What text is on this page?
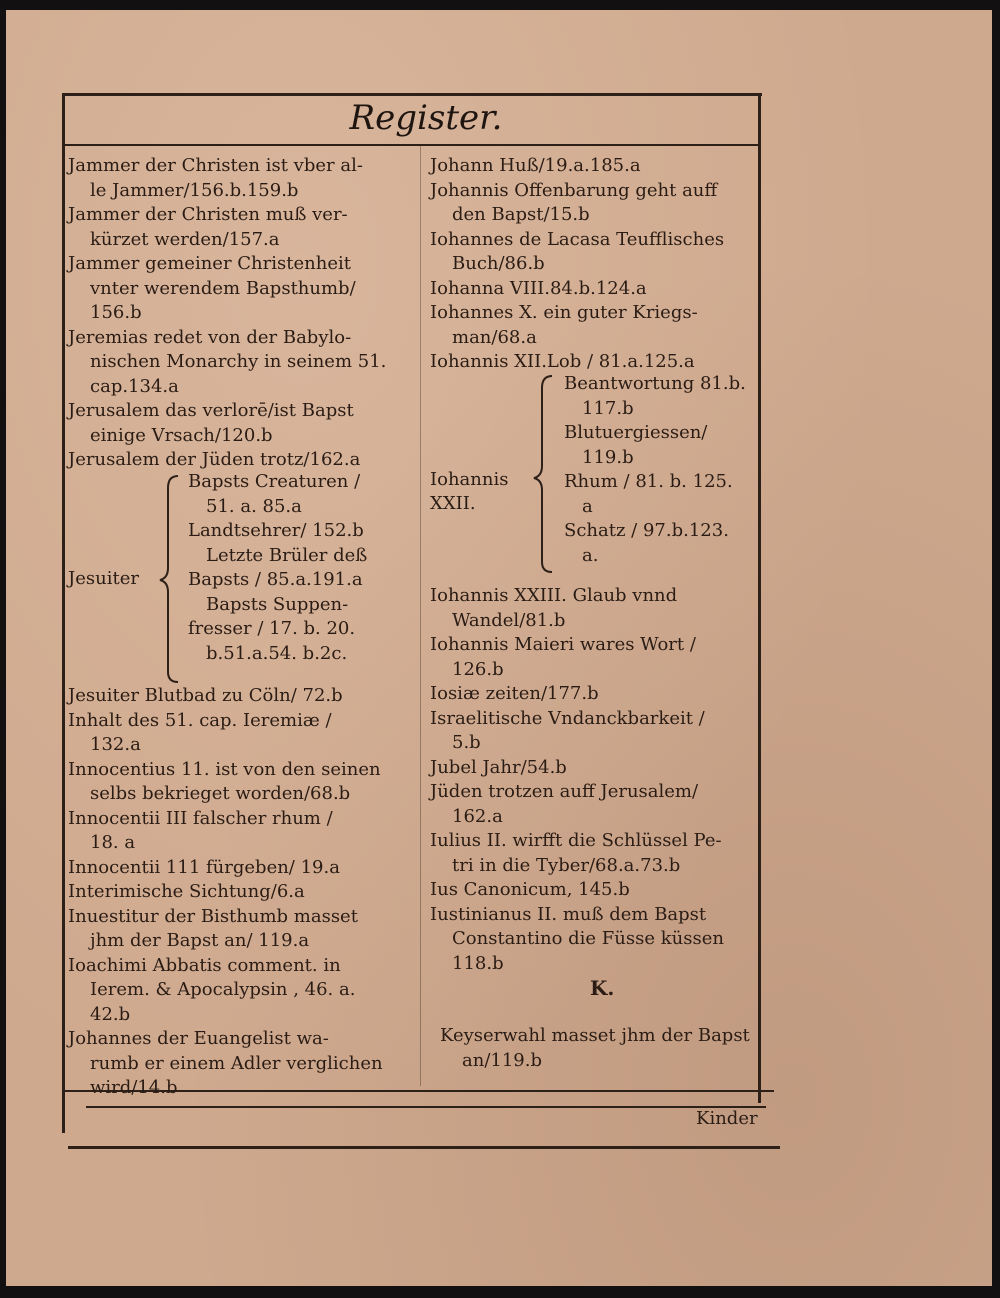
Register.
Jammer der Christen ist vber al-
le Jammer/156.b.159.b
Jammer der Christen muß ver-
kürzet werden/157.a
Jammer gemeiner Christenheit
vnter werendem Bapsthumb/
156.b
Jeremias redet von der Babylo-
nischen Monarchy in seinem 51.
cap.134.a
Jerusalem das verlorē/ist Bapst
einige Vrsach/120.b
Jerusalem der Jüden trotz/162.a
Jesuiter
Bapsts Creaturen /
51. a. 85.a
Landtsehrer/ 152.b
Letzte Brüler deß
Bapsts / 85.a.191.a
Bapsts Suppen-
fresser / 17. b. 20.
b.51.a.54. b.2c.
Jesuiter Blutbad zu Cöln/ 72.b
Inhalt des 51. cap. Ieremiæ /
132.a
Innocentius 11. ist von den seinen
selbs bekrieget worden/68.b
Innocentii III falscher rhum /
18. a
Innocentii 111 fürgeben/ 19.a
Interimische Sichtung/6.a
Inuestitur der Bisthumb masset
jhm der Bapst an/ 119.a
Ioachimi Abbatis comment. in
Ierem. & Apocalypsin , 46. a.
42.b
Johannes der Euangelist wa-
rumb er einem Adler verglichen
wird/14.b
Johann Huß/19.a.185.a
Johannis Offenbarung geht auff
den Bapst/15.b
Iohannes de Lacasa Teufflisches
Buch/86.b
Iohanna VIII.84.b.124.a
Iohannes X. ein guter Kriegs-
man/68.a
Iohannis XII.Lob / 81.a.125.a
Iohannis
XXII.
Beantwortung 81.b.
117.b
Blutuergiessen/
119.b
Rhum / 81. b. 125.
a
Schatz / 97.b.123.
a.
Iohannis XXIII. Glaub vnnd
Wandel/81.b
Iohannis Maieri wares Wort /
126.b
Iosiæ zeiten/177.b
Israelitische Vndanckbarkeit /
5.b
Jubel Jahr/54.b
Jüden trotzen auff Jerusalem/
162.a
Iulius II. wirfft die Schlüssel Pe-
tri in die Tyber/68.a.73.b
Ius Canonicum, 145.b
Iustinianus II. muß dem Bapst
Constantino die Füsse küssen
118.b
K.
Keyserwahl masset jhm der Bapst
an/119.b
Kinder
